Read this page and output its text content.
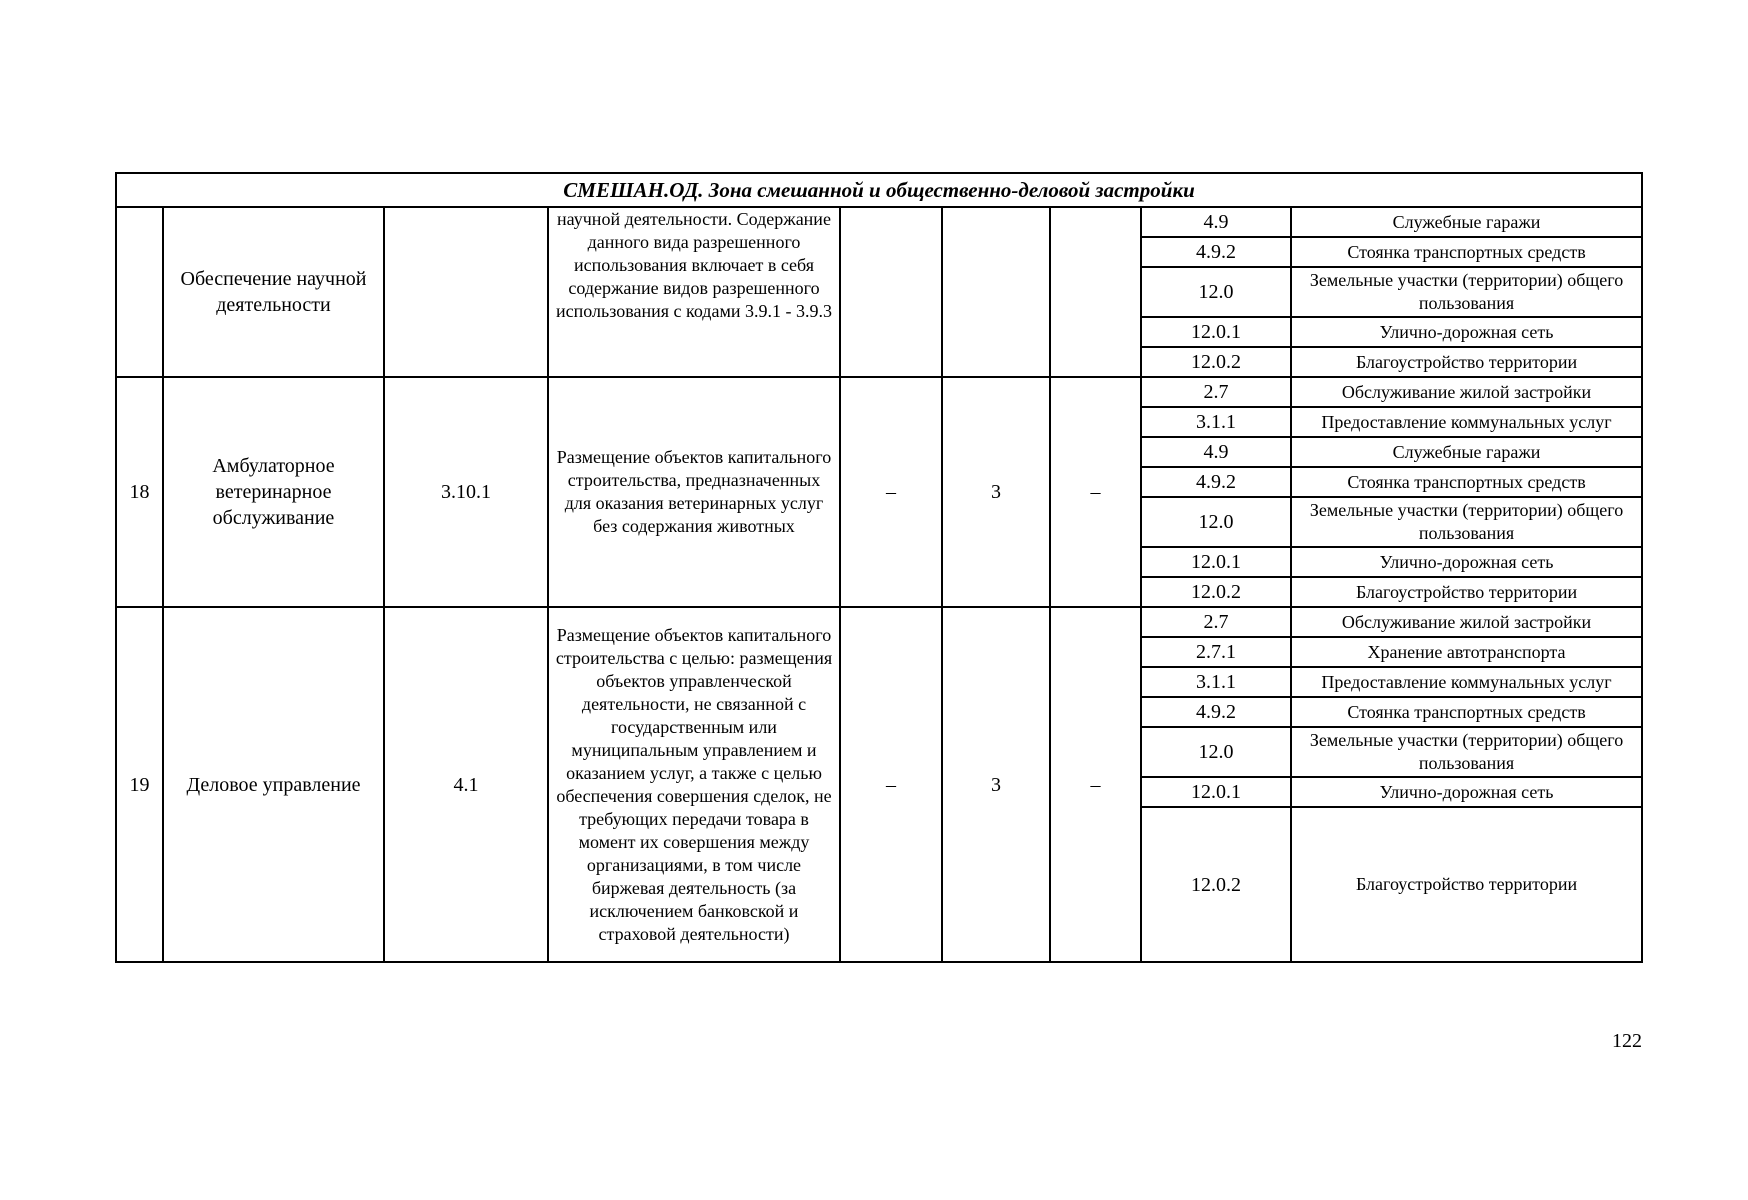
СМЕШАН.ОД. Зона смешанной и общественно-деловой застройки								
	Обеспечение научной деятельности		научной деятельности. Содержание данного вида разрешенного использования включает в себя содержание видов разрешенного использования с кодами 3.9.1 - 3.9.3				4.9	Служебные гаражи
							4.9.2	Стоянка транспортных средств
							12.0	Земельные участки (территории) общего пользования
							12.0.1	Улично-дорожная сеть
							12.0.2	Благоустройство территории
18	Амбулаторное ветеринарное обслуживание	3.10.1	Размещение объектов капитального строительства, предназначенных для оказания ветеринарных услуг без содержания животных	–	3	–	2.7	Обслуживание жилой застройки
							3.1.1	Предоставление коммунальных услуг
							4.9	Служебные гаражи
							4.9.2	Стоянка транспортных средств
							12.0	Земельные участки (территории) общего пользования
							12.0.1	Улично-дорожная сеть
							12.0.2	Благоустройство территории
19	Деловое управление	4.1	Размещение объектов капитального строительства с целью: размещения объектов управленческой деятельности, не связанной с государственным или муниципальным управлением и оказанием услуг, а также с целью обеспечения совершения сделок, не требующих передачи товара в момент их совершения между организациями, в том числе биржевая деятельность (за исключением банковской и страховой деятельности)	–	3	–	2.7	Обслуживание жилой застройки
							2.7.1	Хранение автотранспорта
							3.1.1	Предоставление коммунальных услуг
							4.9.2	Стоянка транспортных средств
							12.0	Земельные участки (территории) общего пользования
							12.0.1	Улично-дорожная сеть
							12.0.2	Благоустройство территории
122
